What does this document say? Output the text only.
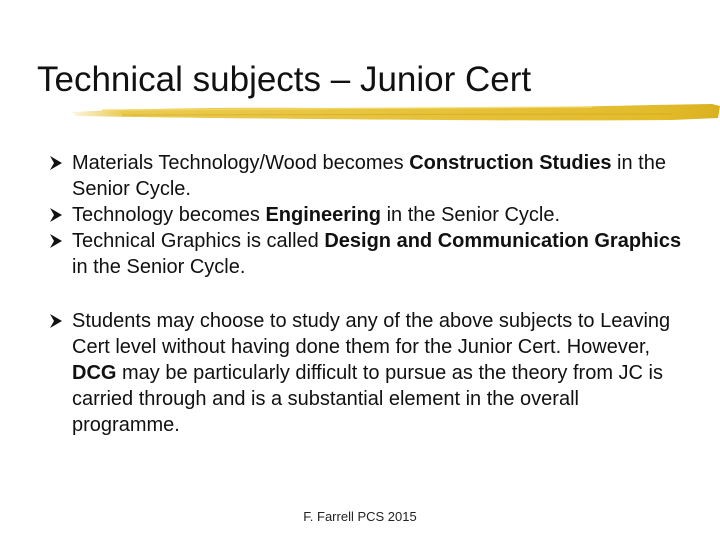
Technical subjects – Junior Cert
Materials Technology/Wood becomes Construction Studies in the Senior Cycle.
Technology becomes Engineering in the Senior Cycle.
Technical Graphics is called Design and Communication Graphics in the Senior Cycle.
Students may choose to study any of the above subjects to Leaving Cert level without having done them for the Junior Cert. However, DCG may be particularly difficult to pursue as the theory from JC is carried through and is a substantial element in the overall programme.
F. Farrell PCS 2015
